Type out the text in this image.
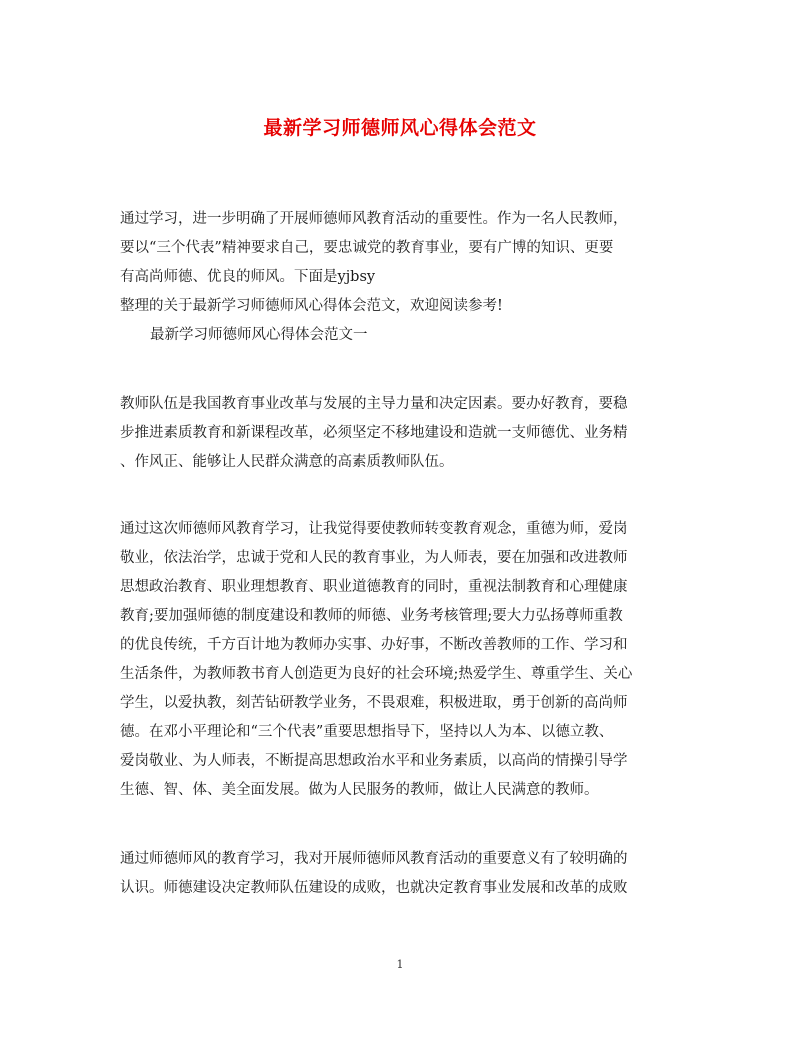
最新学习师德师风心得体会范文
通过学习，进一步明确了开展师德师风教育活动的重要性。作为一名人民教师，
要以“三个代表”精神要求自己，要忠诚党的教育事业，要有广博的知识、更要
有高尚师德、优良的师风。下面是yjbsy
整理的关于最新学习师德师风心得体会范文，欢迎阅读参考!
最新学习师德师风心得体会范文一
教师队伍是我国教育事业改革与发展的主导力量和决定因素。要办好教育，要稳
步推进素质教育和新课程改革，必须坚定不移地建设和造就一支师德优、业务精
、作风正、能够让人民群众满意的高素质教师队伍。
通过这次师德师风教育学习，让我觉得要使教师转变教育观念，重德为师，爱岗
敬业，依法治学，忠诚于党和人民的教育事业，为人师表，要在加强和改进教师
思想政治教育、职业理想教育、职业道德教育的同时，重视法制教育和心理健康
教育;要加强师德的制度建设和教师的师德、业务考核管理;要大力弘扬尊师重教
的优良传统，千方百计地为教师办实事、办好事，不断改善教师的工作、学习和
生活条件，为教师教书育人创造更为良好的社会环境;热爱学生、尊重学生、关心
学生，以爱执教，刻苦钻研教学业务，不畏艰难，积极进取，勇于创新的高尚师
德。在邓小平理论和“三个代表”重要思想指导下，坚持以人为本、以德立教、
爱岗敬业、为人师表，不断提高思想政治水平和业务素质，以高尚的情操引导学
生德、智、体、美全面发展。做为人民服务的教师，做让人民满意的教师。
通过师德师风的教育学习，我对开展师德师风教育活动的重要意义有了较明确的
认识。师德建设决定教师队伍建设的成败，也就决定教育事业发展和改革的成败
1
